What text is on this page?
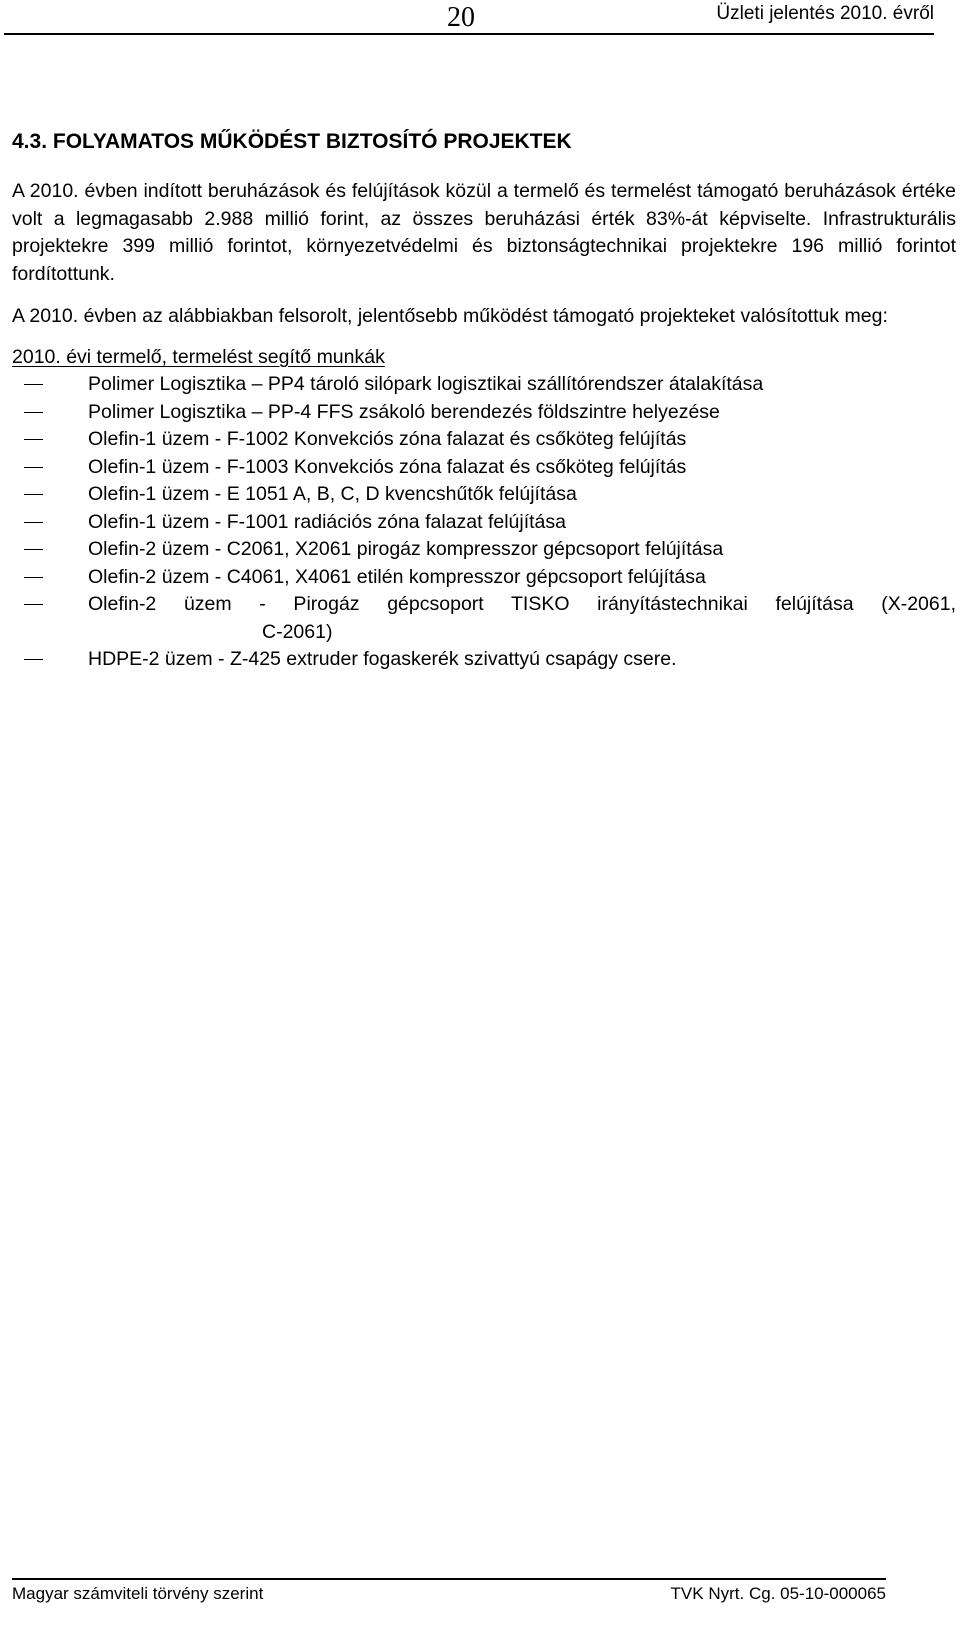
20	Üzleti jelentés 2010. évről
4.3. FOLYAMATOS MŰKÖDÉST BIZTOSÍTÓ PROJEKTEK

A 2010. évben indított beruházások és felújítások közül a termelő és termelést támogató beruházások értéke volt a legmagasabb 2.988 millió forint, az összes beruházási érték 83%-át képviselte. Infrastrukturális projektekre 399 millió forintot, környezetvédelmi és biztonságtechnikai projektekre 196 millió forintot fordítottunk.

A 2010. évben az alábbiakban felsorolt, jelentősebb működést támogató projekteket valósítottuk meg:

2010. évi termelő, termelést segítő munkák

Polimer Logisztika – PP4 tároló silópark logisztikai szállítórendszer átalakítása
Polimer Logisztika – PP-4 FFS zsákoló berendezés földszintre helyezése
Olefin-1 üzem - F-1002 Konvekciós zóna falazat és csőköteg felújítás
Olefin-1 üzem - F-1003 Konvekciós zóna falazat és csőköteg felújítás
Olefin-1 üzem - E 1051 A, B, C, D kvencshűtők felújítása
Olefin-1 üzem - F-1001 radiációs zóna falazat felújítása
Olefin-2 üzem - C2061, X2061 pirogáz kompresszor gépcsoport felújítása
Olefin-2 üzem - C4061, X4061 etilén kompresszor gépcsoport felújítása
Olefin-2 üzem - Pirogáz gépcsoport TISKO irányítástechnikai felújítása (X-2061,
C-2061)
HDPE-2 üzem - Z-425 extruder fogaskerék szivattyú csapágy csere.
Magyar számviteli törvény szerint	TVK Nyrt. Cg. 05-10-000065
